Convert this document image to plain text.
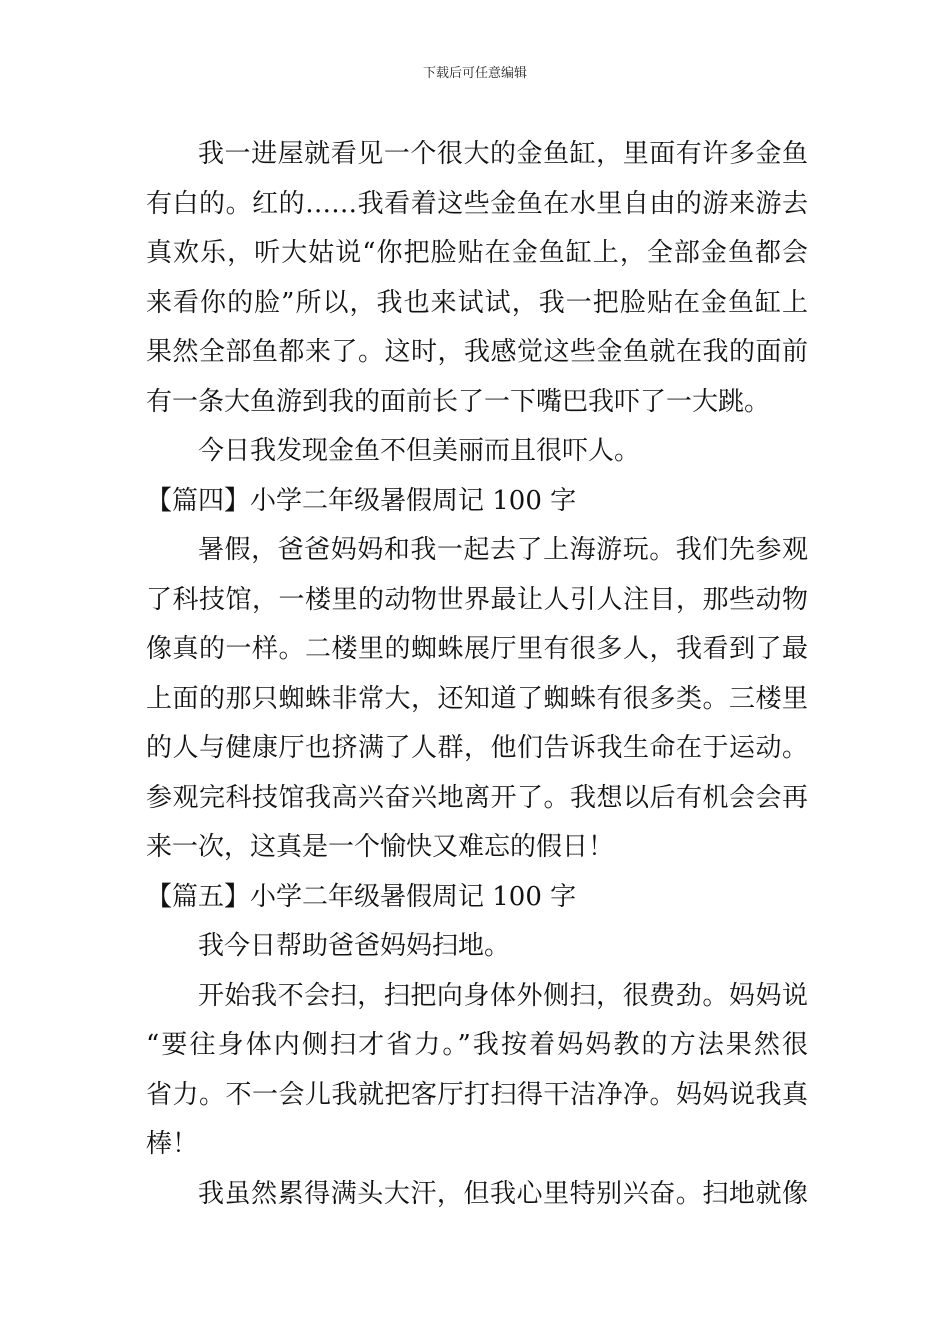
下载后可任意编辑
我一进屋就看见一个很大的金鱼缸，里面有许多金鱼
有白的。红的……我看着这些金鱼在水里自由的游来游去
真欢乐，听大姑说“你把脸贴在金鱼缸上，全部金鱼都会
来看你的脸”所以，我也来试试，我一把脸贴在金鱼缸上
果然全部鱼都来了。这时，我感觉这些金鱼就在我的面前
有一条大鱼游到我的面前长了一下嘴巴我吓了一大跳。
今日我发现金鱼不但美丽而且很吓人。
【篇四】小学二年级暑假周记 100 字
暑假，爸爸妈妈和我一起去了上海游玩。我们先参观
了科技馆，一楼里的动物世界最让人引人注目，那些动物
像真的一样。二楼里的蜘蛛展厅里有很多人，我看到了最
上面的那只蜘蛛非常大，还知道了蜘蛛有很多类。三楼里
的人与健康厅也挤满了人群，他们告诉我生命在于运动。
参观完科技馆我高兴奋兴地离开了。我想以后有机会会再
来一次，这真是一个愉快又难忘的假日！
【篇五】小学二年级暑假周记 100 字
我今日帮助爸爸妈妈扫地。
开始我不会扫，扫把向身体外侧扫，很费劲。妈妈说
“要往身体内侧扫才省力。”我按着妈妈教的方法果然很
省力。不一会儿我就把客厅打扫得干洁净净。妈妈说我真
棒！
我虽然累得满头大汗，但我心里特别兴奋。扫地就像
